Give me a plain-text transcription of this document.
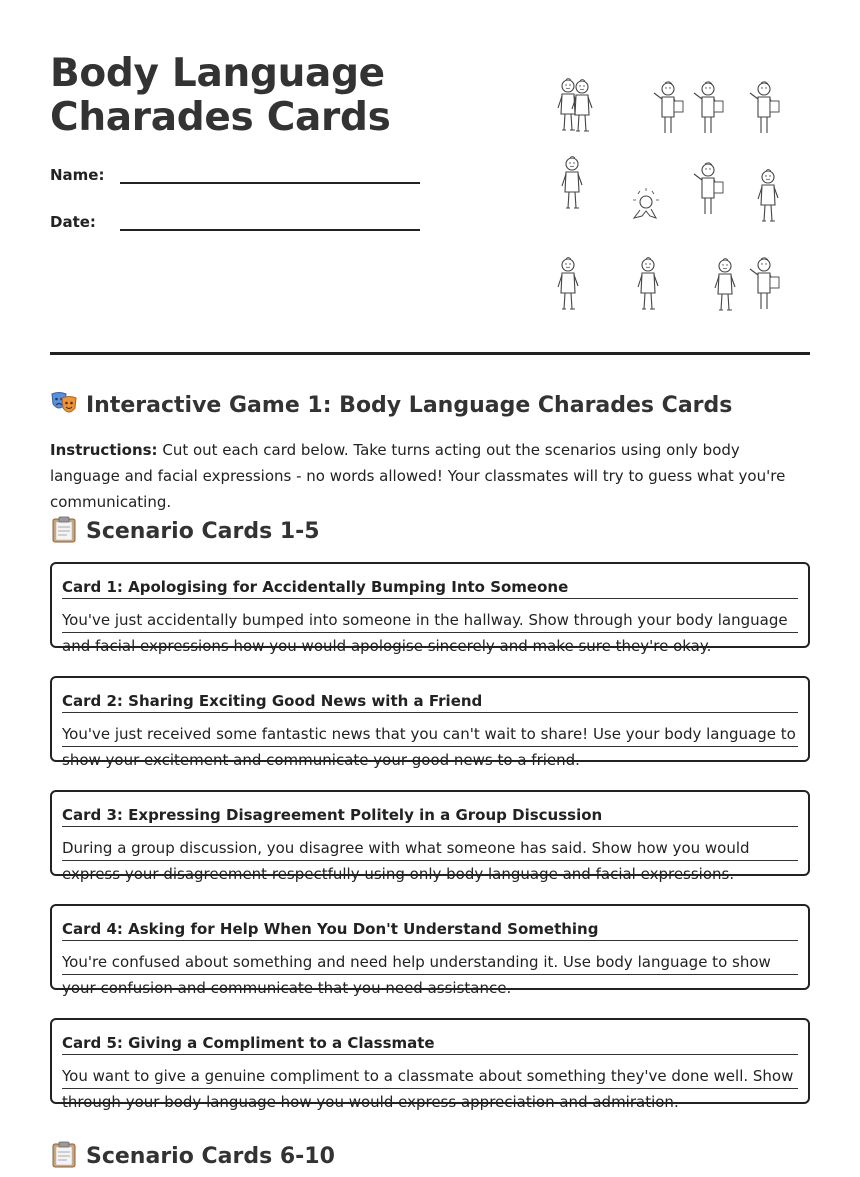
Body Language
Charades Cards
Name:
Date:
Interactive Game 1: Body Language Charades Cards

Instructions: Cut out each card below. Take turns acting out the scenarios using only body language and facial expressions - no words allowed! Your classmates will try to guess what you're communicating.

Scenario Cards 1-5
Card 1: Apologising for Accidentally Bumping Into Someone
You've just accidentally bumped into someone in the hallway. Show through your body language and facial expressions how you would apologise sincerely and make sure they're okay.
Card 2: Sharing Exciting Good News with a Friend
You've just received some fantastic news that you can't wait to share! Use your body language to show your excitement and communicate your good news to a friend.
Card 3: Expressing Disagreement Politely in a Group Discussion
During a group discussion, you disagree with what someone has said. Show how you would express your disagreement respectfully using only body language and facial expressions.
Card 4: Asking for Help When You Don't Understand Something
You're confused about something and need help understanding it. Use body language to show your confusion and communicate that you need assistance.
Card 5: Giving a Compliment to a Classmate
You want to give a genuine compliment to a classmate about something they've done well. Show through your body language how you would express appreciation and admiration.
Scenario Cards 6-10
